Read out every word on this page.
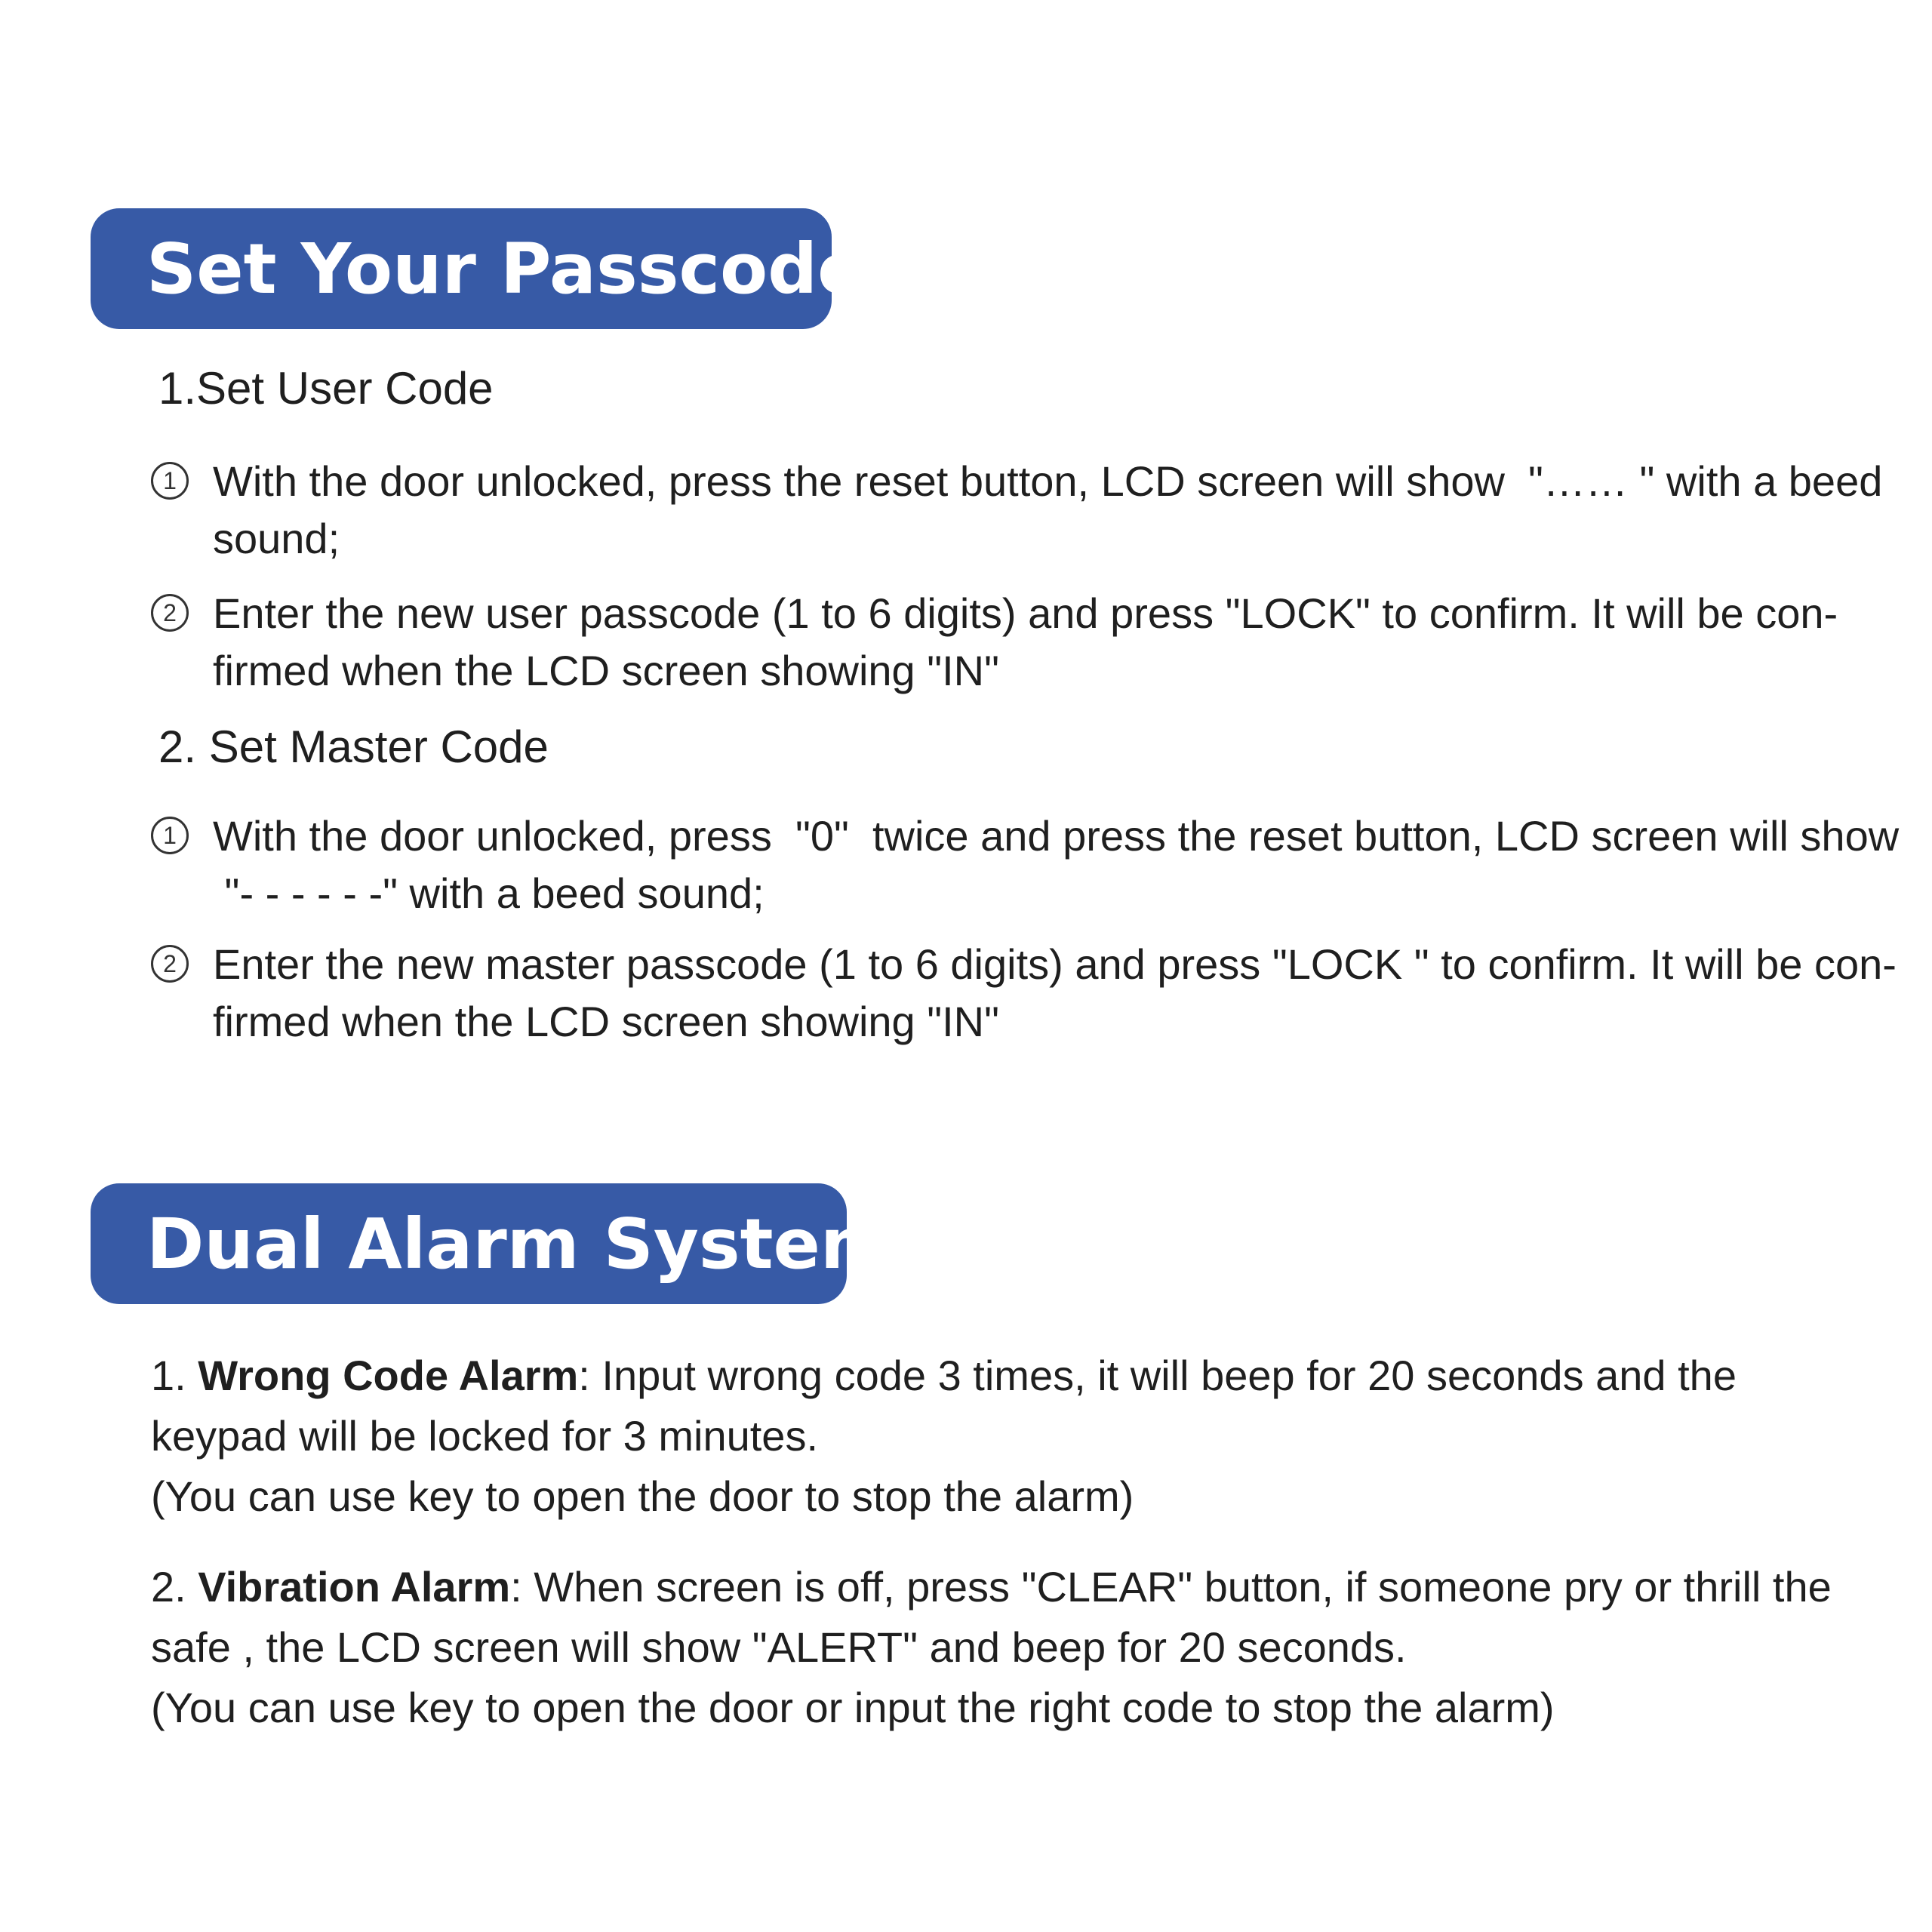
Set Your Passcode
1.Set User Code
1 With the door unlocked, press the reset button, LCD screen will show  "…… " with a beed
sound;
2 Enter the new user passcode (1 to 6 digits) and press "LOCK" to confirm. It will be con-
firmed when the LCD screen showing "IN"
2. Set Master Code
1 With the door unlocked, press  "0"  twice and press the reset button, LCD screen will show
"- - - - - -" with a beed sound;
2 Enter the new master passcode (1 to 6 digits) and press "LOCK " to confirm. It will be con-
firmed when the LCD screen showing "IN"
Dual Alarm System
1. Wrong Code Alarm: Input wrong code 3 times, it will beep for 20 seconds and the
keypad will be locked for 3 minutes.
(You can use key to open the door to stop the alarm)
2. Vibration Alarm: When screen is off, press "CLEAR" button, if someone pry or thrill the
safe , the LCD screen will show "ALERT" and beep for 20 seconds.
(You can use key to open the door or input the right code to stop the alarm)
